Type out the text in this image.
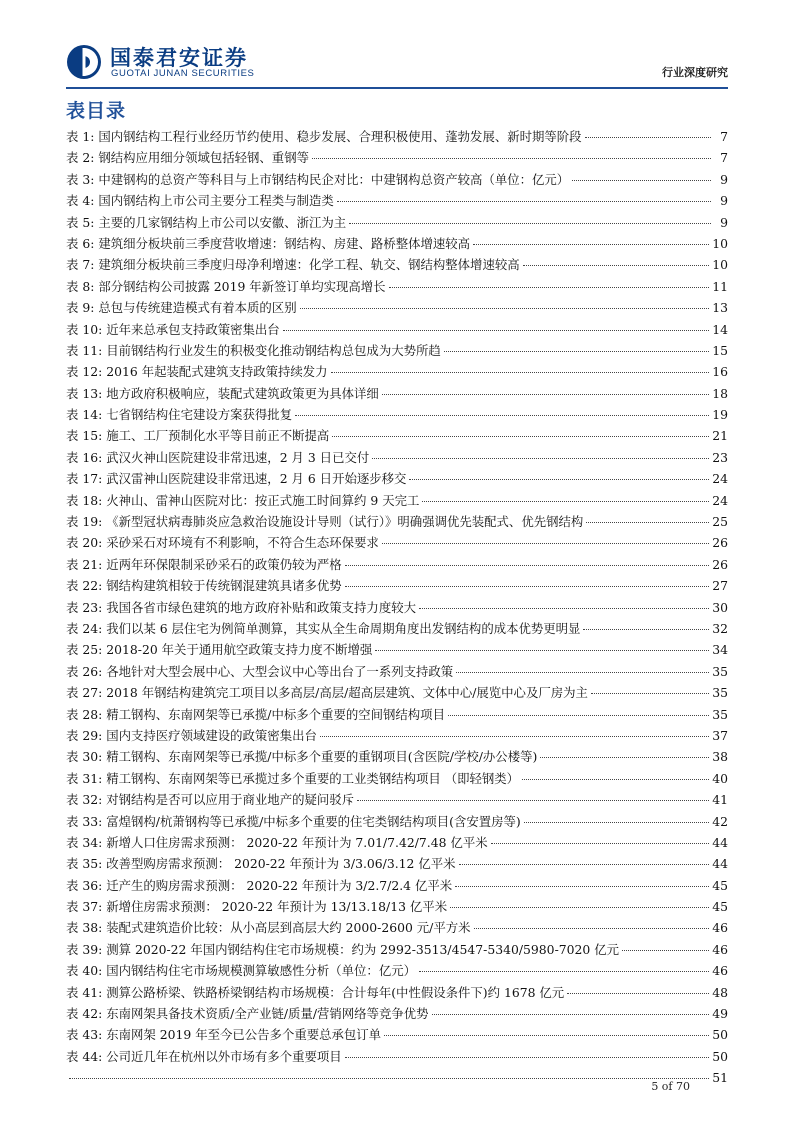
国泰君安证券
GUOTAI JUNAN SECURITIES	行业深度研究
表目录
表 1: 国内钢结构工程行业经历节约使用、稳步发展、合理积极使用、蓬勃发展、新时期等阶段	7
表 2: 钢结构应用细分领域包括轻钢、重钢等	7
表 3: 中建钢构的总资产等科目与上市钢结构民企对比：中建钢构总资产较高（单位：亿元）	9
表 4: 国内钢结构上市公司主要分工程类与制造类	9
表 5: 主要的几家钢结构上市公司以安徽、浙江为主	9
表 6: 建筑细分板块前三季度营收增速：钢结构、房建、路桥整体增速较高	10
表 7: 建筑细分板块前三季度归母净利增速：化学工程、轨交、钢结构整体增速较高	10
表 8: 部分钢结构公司披露 2019 年新签订单均实现高增长	11
表 9: 总包与传统建造模式有着本质的区别	13
表 10: 近年来总承包支持政策密集出台	14
表 11: 目前钢结构行业发生的积极变化推动钢结构总包成为大势所趋	15
表 12: 2016 年起装配式建筑支持政策持续发力	16
表 13: 地方政府积极响应，装配式建筑政策更为具体详细	18
表 14: 七省钢结构住宅建设方案获得批复	19
表 15: 施工、工厂预制化水平等目前正不断提高	21
表 16: 武汉火神山医院建设非常迅速，2 月 3 日已交付	23
表 17: 武汉雷神山医院建设非常迅速，2 月 6 日开始逐步移交	24
表 18: 火神山、雷神山医院对比：按正式施工时间算约 9 天完工	24
表 19: 《新型冠状病毒肺炎应急救治设施设计导则（试行）》明确强调优先装配式、优先钢结构	25
表 20: 采砂采石对环境有不利影响，不符合生态环保要求	26
表 21: 近两年环保限制采砂采石的政策仍较为严格	26
表 22: 钢结构建筑相较于传统钢混建筑具诸多优势	27
表 23: 我国各省市绿色建筑的地方政府补贴和政策支持力度较大	30
表 24: 我们以某 6 层住宅为例简单测算，其实从全生命周期角度出发钢结构的成本优势更明显	32
表 25: 2018-20 年关于通用航空政策支持力度不断增强	34
表 26: 各地针对大型会展中心、大型会议中心等出台了一系列支持政策	35
表 27: 2018 年钢结构建筑完工项目以多高层/高层/超高层建筑、文体中心/展览中心及厂房为主	35
表 28: 精工钢构、东南网架等已承揽/中标多个重要的空间钢结构项目	35
表 29: 国内支持医疗领域建设的政策密集出台	37
表 30: 精工钢构、东南网架等已承揽/中标多个重要的重钢项目(含医院/学校/办公楼等)	38
表 31: 精工钢构、东南网架等已承揽过多个重要的工业类钢结构项目 （即轻钢类）	40
表 32: 对钢结构是否可以应用于商业地产的疑问驳斥	41
表 33: 富煌钢构/杭萧钢构等已承揽/中标多个重要的住宅类钢结构项目(含安置房等)	42
表 34: 新增人口住房需求预测： 2020-22 年预计为 7.01/7.42/7.48 亿平米	44
表 35: 改善型购房需求预测： 2020-22 年预计为 3/3.06/3.12 亿平米	44
表 36: 迁产生的购房需求预测： 2020-22 年预计为 3/2.7/2.4 亿平米	45
表 37: 新增住房需求预测： 2020-22 年预计为 13/13.18/13 亿平米	45
表 38: 装配式建筑造价比较：从小高层到高层大约 2000-2600 元/平方米	46
表 39: 测算 2020-22 年国内钢结构住宅市场规模：约为 2992-3513/4547-5340/5980-7020 亿元	46
表 40: 国内钢结构住宅市场规模测算敏感性分析（单位：亿元）	46
表 41: 测算公路桥梁、铁路桥梁钢结构市场规模：合计每年(中性假设条件下)约 1678 亿元	48
表 42: 东南网架具备技术资质/全产业链/质量/营销网络等竞争优势	49
表 43: 东南网架 2019 年至今已公告多个重要总承包订单	50
表 44: 公司近几年在杭州以外市场有多个重要项目	50
51
5 of 70
